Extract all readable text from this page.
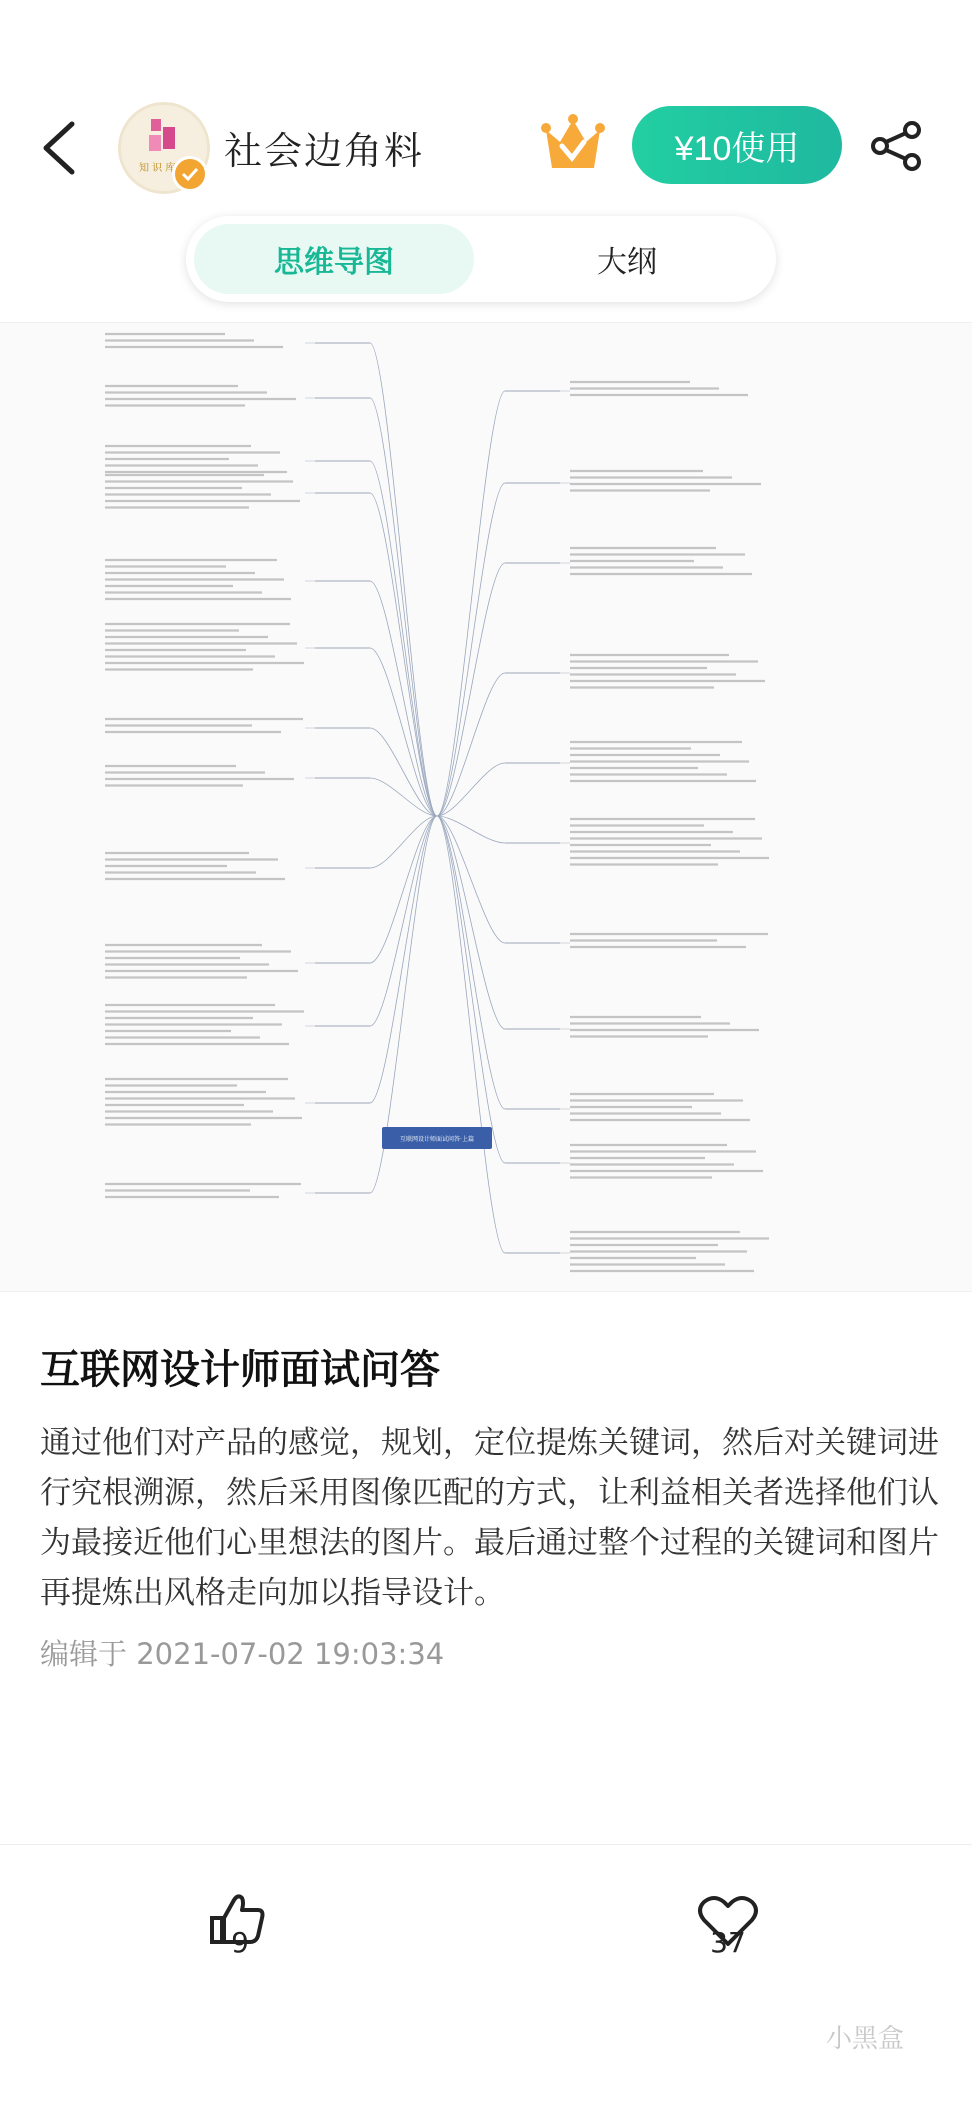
知 识 库 社会边角料	¥10使用
思维导图	大纲
互联网设计师面试问答·上篇
互联网设计师面试问答
通过他们对产品的感觉，规划，定位提炼关键词，然后对关键词进行究根溯源，然后采用图像匹配的方式，让利益相关者选择他们认为最接近他们心里想法的图片。最后通过整个过程的关键词和图片再提炼出风格走向加以指导设计。
编辑于 2021-07-02 19:03:34
9	37
小黑盒
